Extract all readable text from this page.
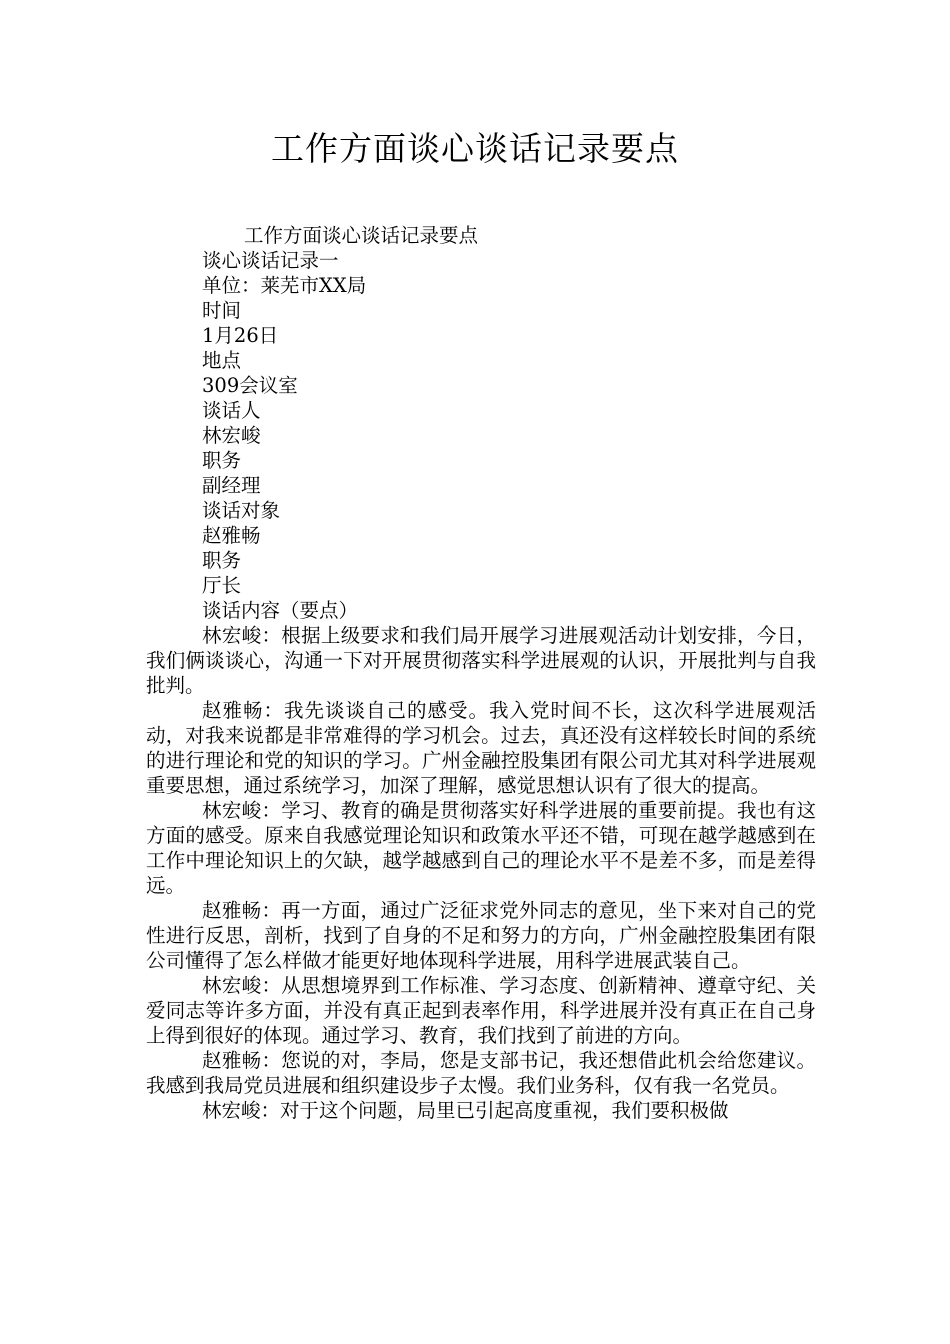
工作方面谈心谈话记录要点

工作方面谈心谈话记录要点

谈心谈话记录一

单位：莱芜市XX局

时间

1月26日

地点

309会议室

谈话人

林宏峻

职务

副经理

谈话对象

赵雅畅

职务

厅长

谈话内容（要点）

林宏峻：根据上级要求和我们局开展学习进展观活动计划安排，今日，我们俩谈谈心，沟通一下对开展贯彻落实科学进展观的认识，开展批判与自我批判。

赵雅畅：我先谈谈自己的感受。我入党时间不长，这次科学进展观活动，对我来说都是非常难得的学习机会。过去，真还没有这样较长时间的系统的进行理论和党的知识的学习。广州金融控股集团有限公司尤其对科学进展观重要思想，通过系统学习，加深了理解，感觉思想认识有了很大的提高。

林宏峻：学习、教育的确是贯彻落实好科学进展的重要前提。我也有这方面的感受。原来自我感觉理论知识和政策水平还不错，可现在越学越感到在工作中理论知识上的欠缺，越学越感到自己的理论水平不是差不多，而是差得远。

赵雅畅：再一方面，通过广泛征求党外同志的意见，坐下来对自己的党性进行反思，剖析，找到了自身的不足和努力的方向，广州金融控股集团有限公司懂得了怎么样做才能更好地体现科学进展，用科学进展武装自己。

林宏峻：从思想境界到工作标准、学习态度、创新精神、遵章守纪、关爱同志等许多方面，并没有真正起到表率作用，科学进展并没有真正在自己身上得到很好的体现。通过学习、教育，我们找到了前进的方向。

赵雅畅：您说的对，李局，您是支部书记，我还想借此机会给您建议。我感到我局党员进展和组织建设步子太慢。我们业务科，仅有我一名党员。

林宏峻：对于这个问题，局里已引起高度重视，我们要积极做
